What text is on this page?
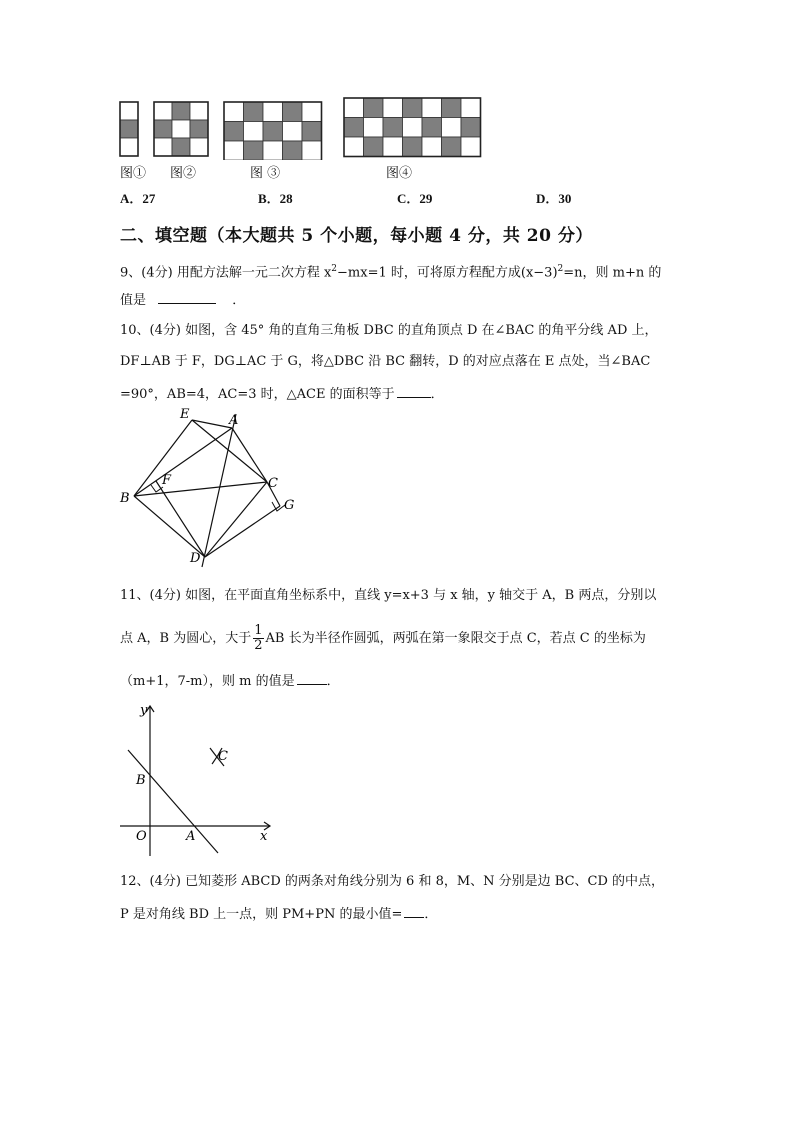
图① 图②	图 ③	图④
A．27	B．28	C．29	D．30
二、填空题（本大题共 5 个小题，每小题 4 分，共 20 分）
9、(4分) 用配方法解一元二次方程 $x^2-mx=1$ 时，可将原方程配方成$(x-3)^2=n$，则 m+n 的
值是	．
10、(4分) 如图，含 45° 角的直角三角板 DBC 的直角顶点 D 在∠BAC 的角平分线 AD 上，
DF⊥AB 于 F，DG⊥AC 于 G，将△DBC 沿 BC 翻转，D 的对应点落在 E 点处，当∠BAC
=90°，AB=4，AC=3 时，△ACE 的面积等于	．
E	A
F	C
B	G
D
11、(4分) 如图，在平面直角坐标系中，直线 y=x+3 与 x 轴，y 轴交于 A，B 两点，分别以
点 A，B 为圆心，大于 $\frac{1}{2}$ AB 长为半径作圆弧，两弧在第一象限交于点 C，若点 C 的坐标为
（m+1，7-m），则 m 的值是 ．
y
C
B
O	A	x
12、(4分) 已知菱形 ABCD 的两条对角线分别为 6 和 8，M、N 分别是边 BC、CD 的中点，
P 是对角线 BD 上一点，则 PM+PN 的最小值= ．
